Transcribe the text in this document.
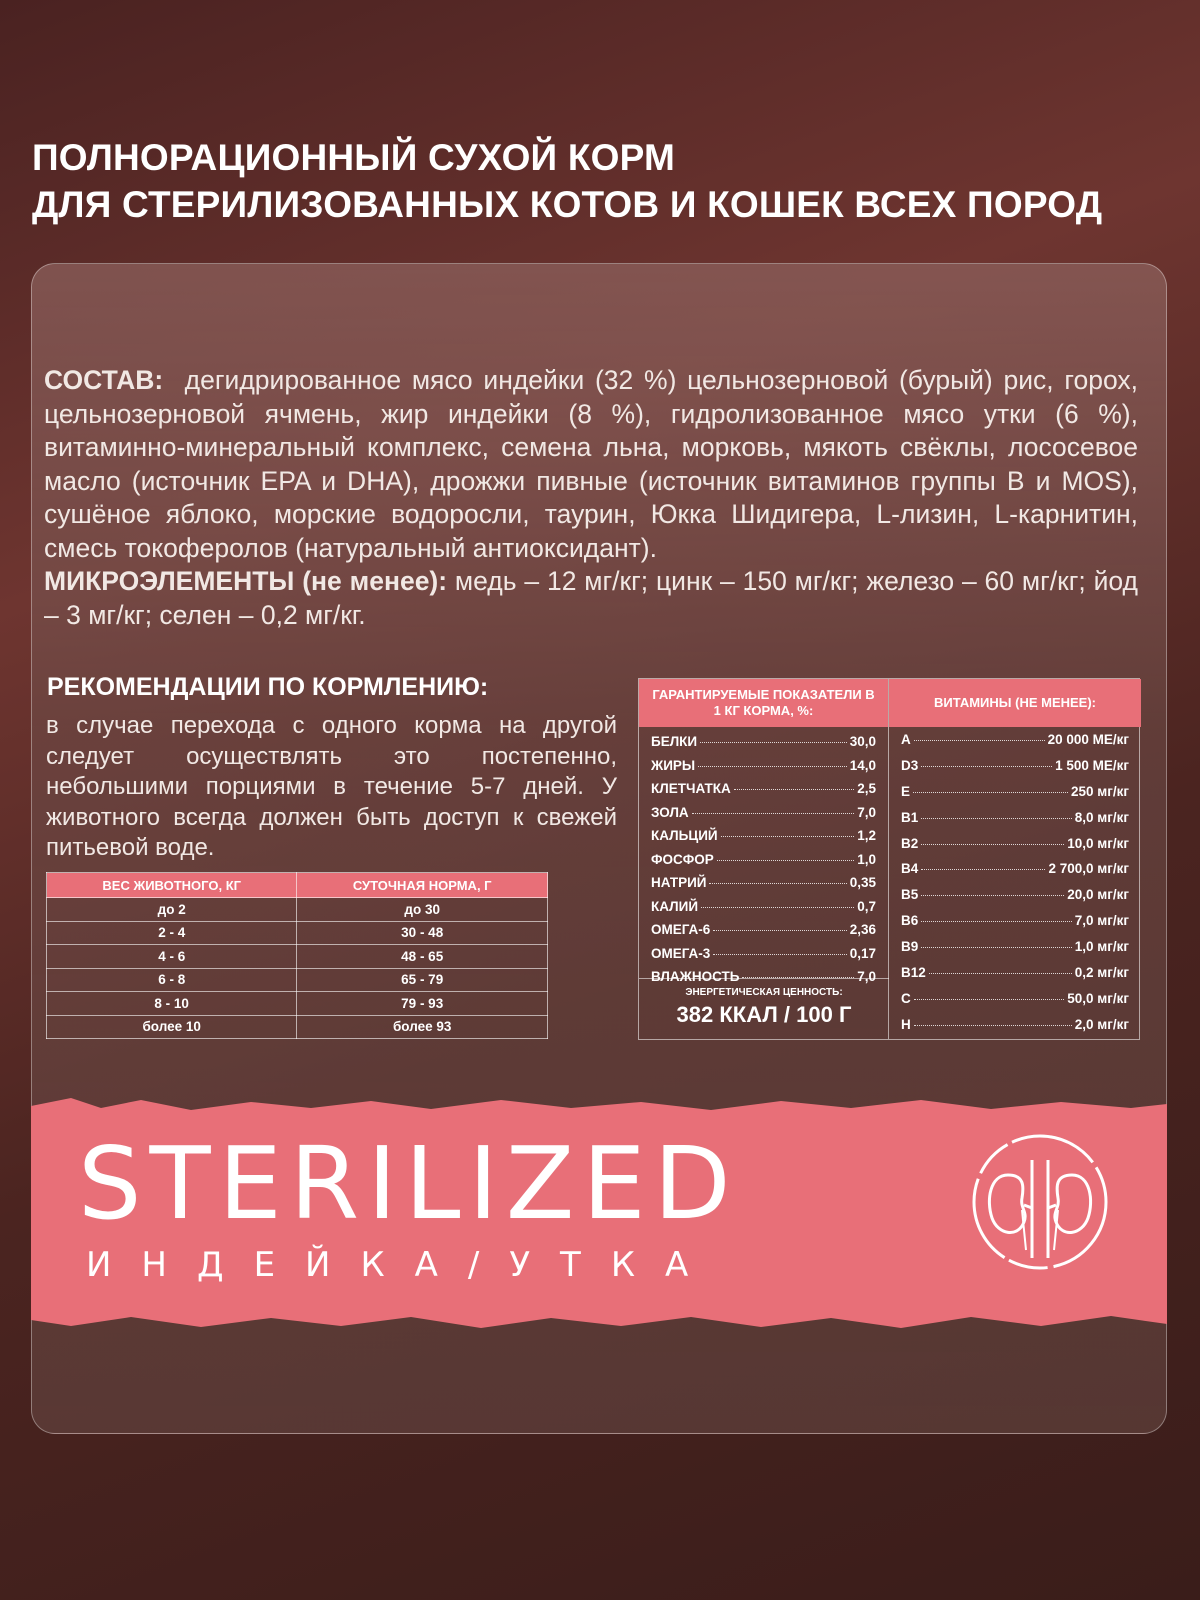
ПОЛНОРАЦИОННЫЙ СУХОЙ КОРМ
ДЛЯ СТЕРИЛИЗОВАННЫХ КОТОВ И КОШЕК ВСЕХ ПОРОД
СОСТАВ: дегидрированное мясо индейки (32 %) цельнозерновой (бурый) рис, горох, цельнозерновой ячмень, жир индейки (8 %), гидролизованное мясо утки (6 %), витаминно-минеральный комплекс, семена льна, морковь, мякоть свёклы, лососевое масло (источник EPA и DHA), дрожжи пивные (источник витаминов группы В и MOS), сушёное яблоко, морские водоросли, таурин, Юкка Шидигера, L-лизин, L-карнитин, смесь токоферолов (натуральный антиоксидант).
МИКРОЭЛЕМЕНТЫ (не менее): медь – 12 мг/кг; цинк – 150 мг/кг; железо – 60 мг/кг; йод – 3 мг/кг; селен – 0,2 мг/кг.
РЕКОМЕНДАЦИИ ПО КОРМЛЕНИЮ:
в случае перехода с одного корма на другой следует осуществлять это постепенно, небольшими порциями в течение 5-7 дней. У животного всегда должен быть доступ к свежей питьевой воде.
ВЕС ЖИВОТНОГО, КГ	СУТОЧНАЯ НОРМА, Г
до 2	до 30
2 - 4	30 - 48
4 - 6	48 - 65
6 - 8	65 - 79
8 - 10	79 - 93
более 10	более 93
ГАРАНТИРУЕМЫЕ ПОКАЗАТЕЛИ В 1 КГ КОРМА, %:
БЕЛКИ	30,0
ЖИРЫ	14,0
КЛЕТЧАТКА	2,5
ЗОЛА	7,0
КАЛЬЦИЙ	1,2
ФОСФОР	1,0
НАТРИЙ	0,35
КАЛИЙ	0,7
ОМЕГА-6	2,36
ОМЕГА-3	0,17
ВЛАЖНОСТЬ	7,0
ЭНЕРГЕТИЧЕСКАЯ ЦЕННОСТЬ:
382 ККАЛ / 100 Г
ВИТАМИНЫ (НЕ МЕНЕЕ):
A	20 000 МЕ/кг
D3	1 500 МЕ/кг
E	250 мг/кг
B1	8,0 мг/кг
B2	10,0 мг/кг
B4	2 700,0 мг/кг
B5	20,0 мг/кг
B6	7,0 мг/кг
B9	1,0 мг/кг
B12	0,2 мг/кг
C	50,0 мг/кг
H	2,0 мг/кг
STERILIZED
ИНДЕЙКА/УТКА
